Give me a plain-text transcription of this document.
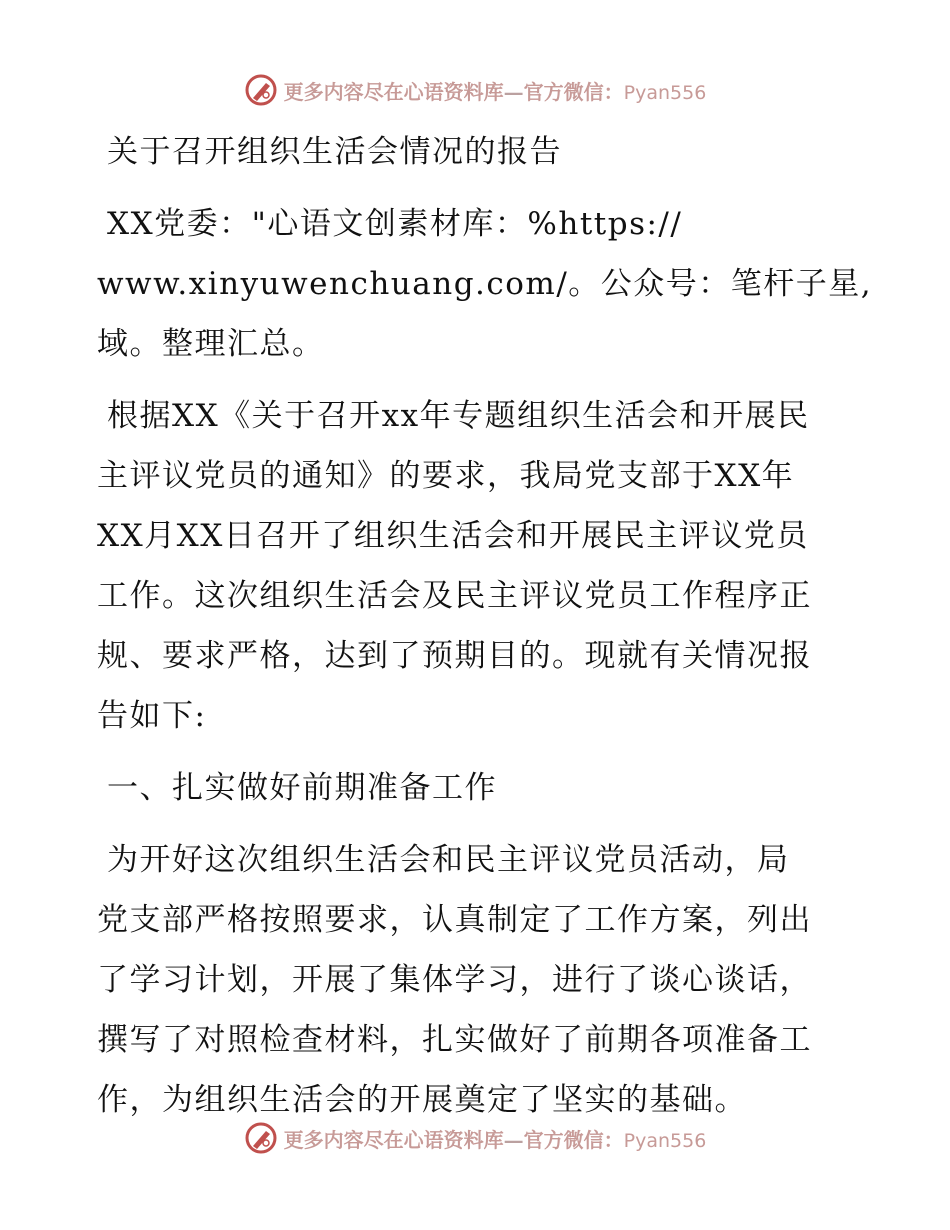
更多内容尽在心语资料库—官方微信：Pyan556
关于召开组织生活会情况的报告
XX党委："心语文创素材库：%https://
www.xinyuwenchuang.com/。公众号：笔杆子星,
域。整理汇总。
根据XX《关于召开xx年专题组织生活会和开展民
主评议党员的通知》的要求，我局党支部于XX年
XX月XX日召开了组织生活会和开展民主评议党员
工作。这次组织生活会及民主评议党员工作程序正
规、要求严格，达到了预期目的。现就有关情况报
告如下:
一、扎实做好前期准备工作
为开好这次组织生活会和民主评议党员活动，局
党支部严格按照要求，认真制定了工作方案，列出
了学习计划，开展了集体学习，进行了谈心谈话，
撰写了对照检查材料，扎实做好了前期各项准备工
作，为组织生活会的开展奠定了坚实的基础。
更多内容尽在心语资料库—官方微信：Pyan556
